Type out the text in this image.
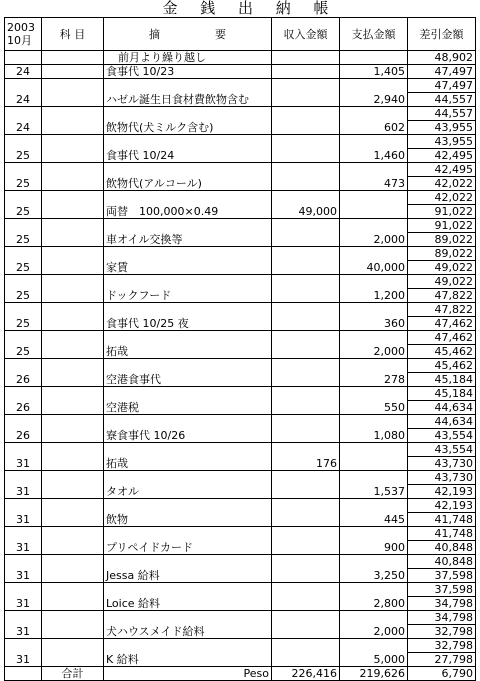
金 銭 出 納 帳
2003
10月	科 目	摘　　　　　要	収入金額	支払金額	差引金額
		前月より繰り越し			48,902
24		食事代 10/23		1,405	47,497
					47,497
24		ハゼル誕生日食材費飲物含む		2,940	44,557
					44,557
24		飲物代(犬ミルク含む)		602	43,955
					43,955
25		食事代 10/24		1,460	42,495
					42,495
25		飲物代(アルコール)		473	42,022
					42,022
25		両替　100,000×0.49	49,000		91,022
					91,022
25		車オイル交換等		2,000	89,022
					89,022
25		家賃		40,000	49,022
					49,022
25		ドックフード		1,200	47,822
					47,822
25		食事代 10/25 夜		360	47,462
					47,462
25		拓哉		2,000	45,462
					45,462
26		空港食事代		278	45,184
					45,184
26		空港税		550	44,634
					44,634
26		寮食事代 10/26		1,080	43,554
					43,554
31		拓哉	176		43,730
					43,730
31		タオル		1,537	42,193
					42,193
31		飲物		445	41,748
					41,748
31		プリペイドカード		900	40,848
					40,848
31		Jessa 給料		3,250	37,598
					37,598
31		Loice 給料		2,800	34,798
					34,798
31		犬ハウスメイド給料		2,000	32,798
					32,798
31		K 給料		5,000	27,798
	合計	Peso	226,416	219,626	6,790
